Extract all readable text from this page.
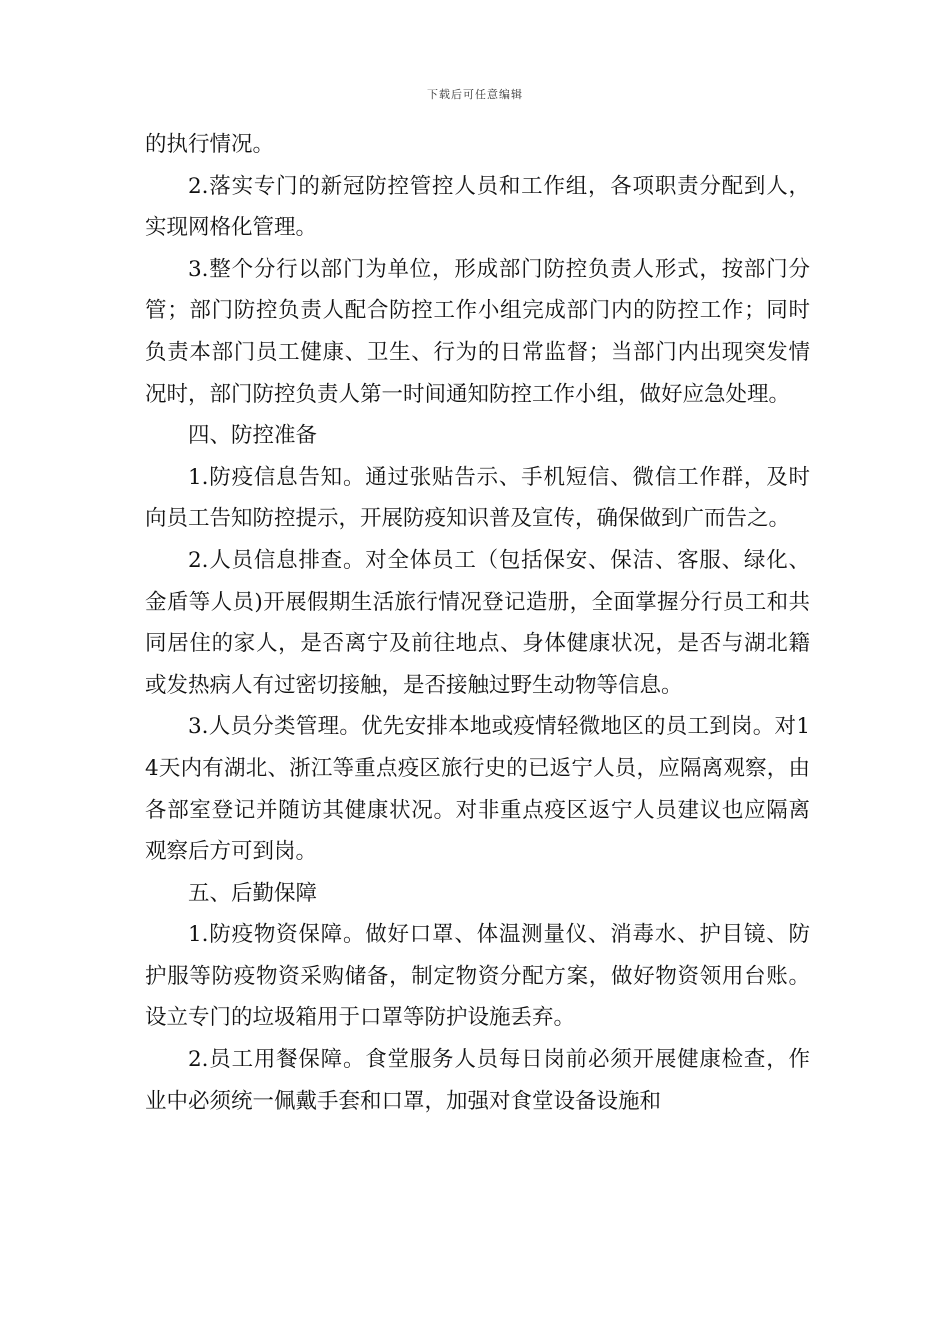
下载后可任意编辑

的执行情况。

2.落实专门的新冠防控管控人员和工作组，各项职责分配到人，实现网格化管理。

3.整个分行以部门为单位，形成部门防控负责人形式，按部门分管；部门防控负责人配合防控工作小组完成部门内的防控工作；同时负责本部门员工健康、卫生、行为的日常监督；当部门内出现突发情况时，部门防控负责人第一时间通知防控工作小组，做好应急处理。

四、防控准备

1.防疫信息告知。通过张贴告示、手机短信、微信工作群，及时向员工告知防控提示，开展防疫知识普及宣传，确保做到广而告之。

2.人员信息排查。对全体员工（包括保安、保洁、客服、绿化、金盾等人员)开展假期生活旅行情况登记造册，全面掌握分行员工和共同居住的家人，是否离宁及前往地点、身体健康状况，是否与湖北籍或发热病人有过密切接触，是否接触过野生动物等信息。

3.人员分类管理。优先安排本地或疫情轻微地区的员工到岗。对14天内有湖北、浙江等重点疫区旅行史的已返宁人员，应隔离观察，由各部室登记并随访其健康状况。对非重点疫区返宁人员建议也应隔离观察后方可到岗。

五、后勤保障

1.防疫物资保障。做好口罩、体温测量仪、消毒水、护目镜、防护服等防疫物资采购储备，制定物资分配方案，做好物资领用台账。设立专门的垃圾箱用于口罩等防护设施丢弃。

2.员工用餐保障。食堂服务人员每日岗前必须开展健康检查，作业中必须统一佩戴手套和口罩，加强对食堂设备设施和
